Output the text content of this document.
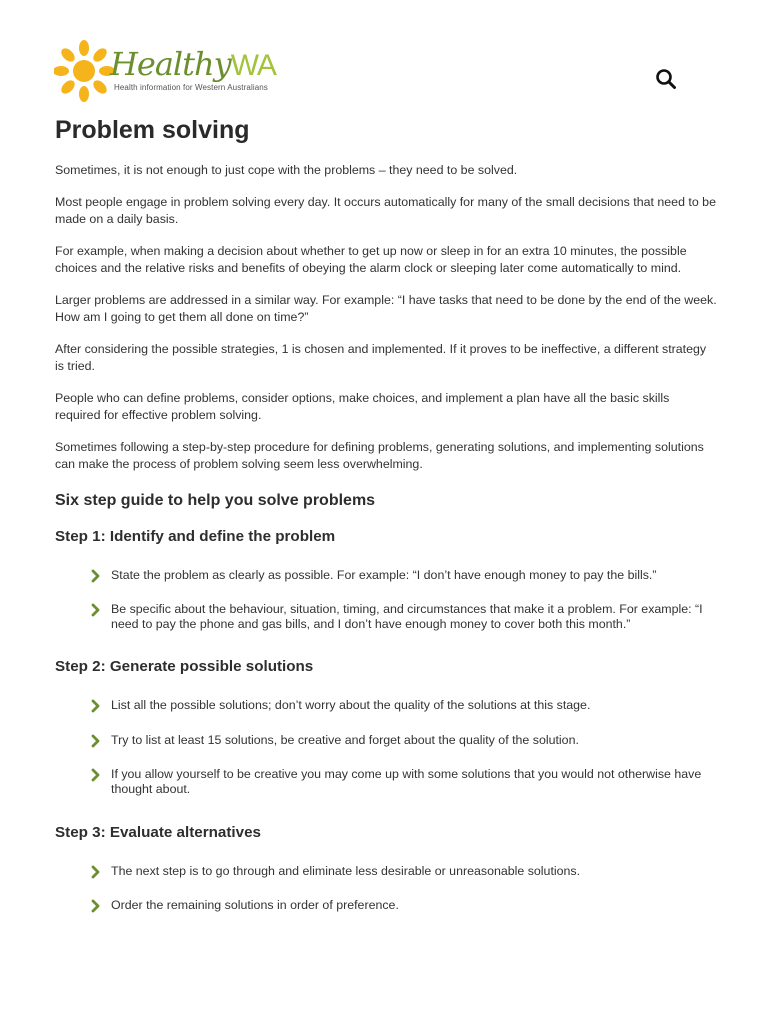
HealthyWA
Health information for Western Australians
Problem solving

Sometimes, it is not enough to just cope with the problems – they need to be solved.

Most people engage in problem solving every day. It occurs automatically for many of the small decisions that need to be made on a daily basis.

For example, when making a decision about whether to get up now or sleep in for an extra 10 minutes, the possible choices and the relative risks and benefits of obeying the alarm clock or sleeping later come automatically to mind.

Larger problems are addressed in a similar way. For example: “I have tasks that need to be done by the end of the week. How am I going to get them all done on time?”

After considering the possible strategies, 1 is chosen and implemented. If it proves to be ineffective, a different strategy is tried.

People who can define problems, consider options, make choices, and implement a plan have all the basic skills required for effective problem solving.

Sometimes following a step-by-step procedure for defining problems, generating solutions, and implementing solutions can make the process of problem solving seem less overwhelming.

Six step guide to help you solve problems
Step 1: Identify and define the problem
State the problem as clearly as possible. For example: “I don’t have enough money to pay the bills.”
Be specific about the behaviour, situation, timing, and circumstances that make it a problem. For example: “I need to pay the phone and gas bills, and I don’t have enough money to cover both this month.”
Step 2: Generate possible solutions
List all the possible solutions; don’t worry about the quality of the solutions at this stage.
Try to list at least 15 solutions, be creative and forget about the quality of the solution.
If you allow yourself to be creative you may come up with some solutions that you would not otherwise have thought about.
Step 3: Evaluate alternatives
The next step is to go through and eliminate less desirable or unreasonable solutions.
Order the remaining solutions in order of preference.
